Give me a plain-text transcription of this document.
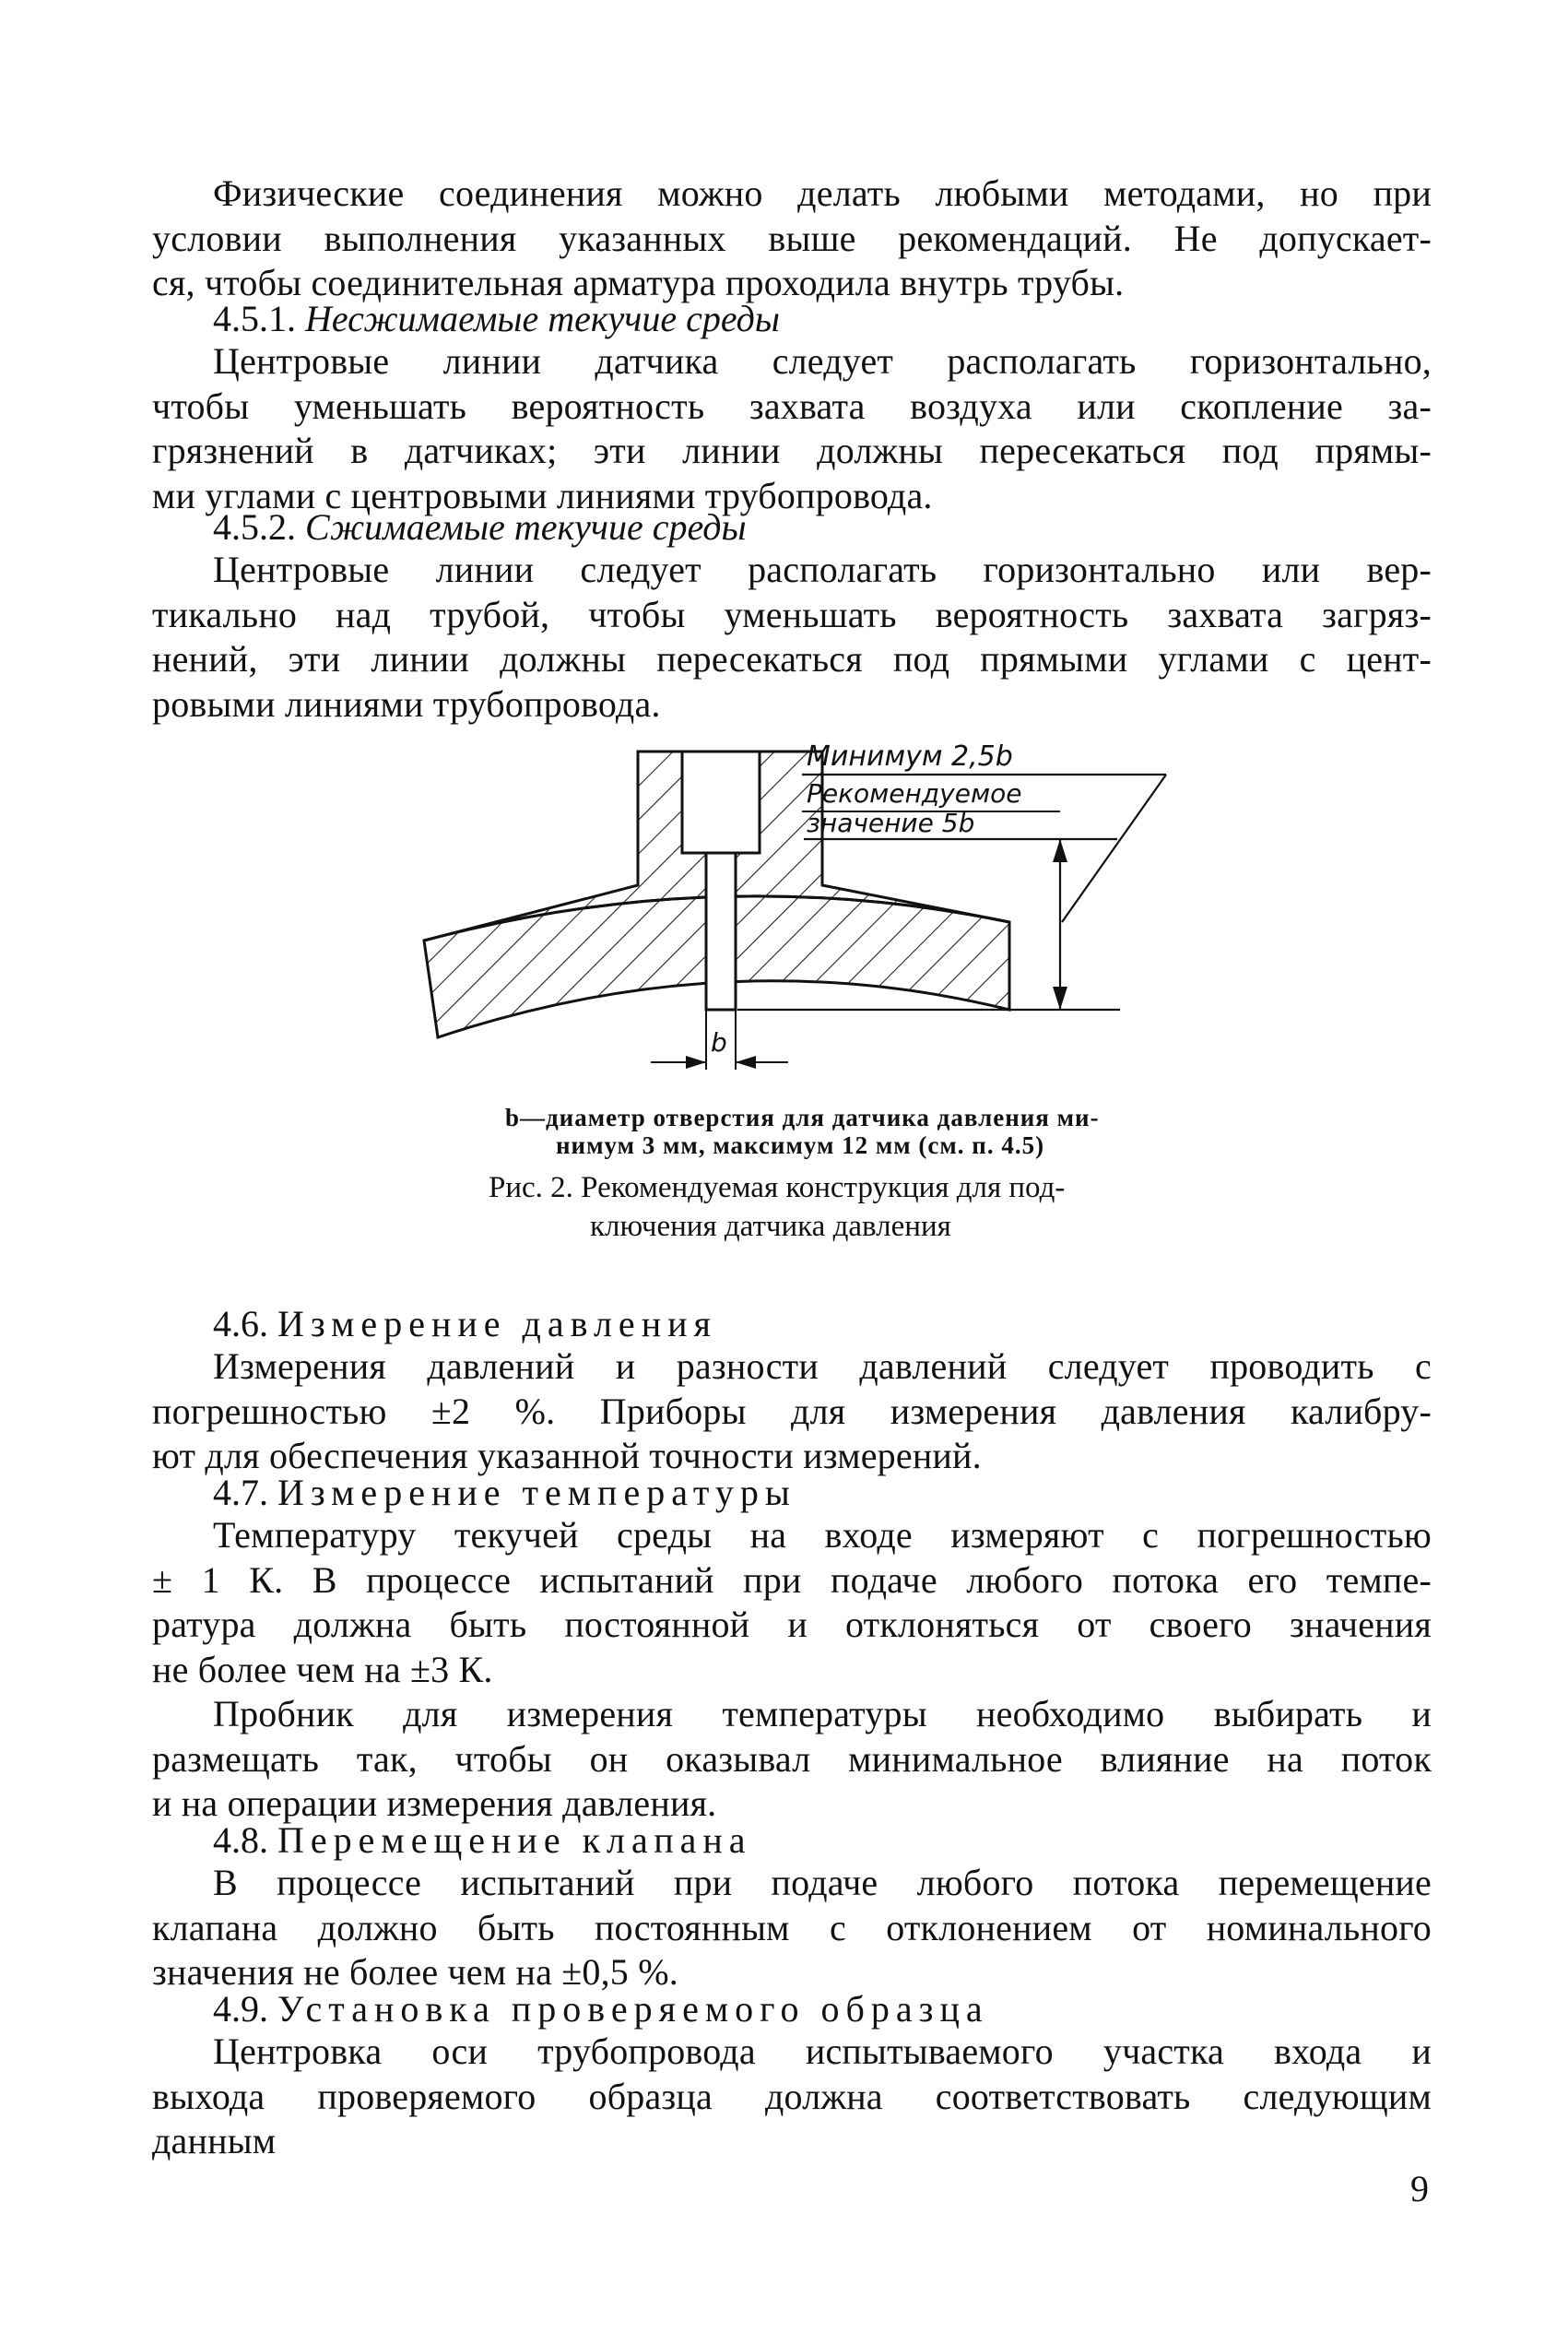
Физические соединения можно делать любыми методами, но при
условии выполнения указанных выше рекомендаций. Не допускает-
ся, чтобы соединительная арматура проходила внутрь трубы.
4.5.1. Несжимаемые текучие среды
Центровые линии датчика следует располагать горизонтально,
чтобы уменьшать вероятность захвата воздуха или скопление за-
грязнений в датчиках; эти линии должны пересекаться под прямы-
ми углами с центровыми линиями трубопровода.
4.5.2. Сжимаемые текучие среды
Центровые линии следует располагать горизонтально или вер-
тикально над трубой, чтобы уменьшать вероятность захвата загряз-
нений, эти линии должны пересекаться под прямыми углами с цент-
ровыми линиями трубопровода.
Минимум 2,5b
Рекомендуемое
значение 5b
b
b—диаметр отверстия для датчика давления ми-
нимум 3 мм, максимум 12 мм (см. п. 4.5)
Рис. 2. Рекомендуемая конструкция для под-
ключения датчика давления
4.6. Измерение давления
Измерения давлений и разности давлений следует проводить с
погрешностью ±2 %. Приборы для измерения давления калибру-
ют для обеспечения указанной точности измерений.
4.7. Измерение температуры
Температуру текучей среды на входе измеряют с погрешностью
± 1 К. В процессе испытаний при подаче любого потока его темпе-
ратура должна быть постоянной и отклоняться от своего значения
не более чем на ±3 К.
Пробник для измерения температуры необходимо выбирать и
размещать так, чтобы он оказывал минимальное влияние на поток
и на операции измерения давления.
4.8. Перемещение клапана
В процессе испытаний при подаче любого потока перемещение
клапана должно быть постоянным с отклонением от номинального
значения не более чем на ±0,5 %.
4.9. Установка проверяемого образца
Центровка оси трубопровода испытываемого участка входа и
выхода проверяемого образца должна соответствовать следующим
данным
9
